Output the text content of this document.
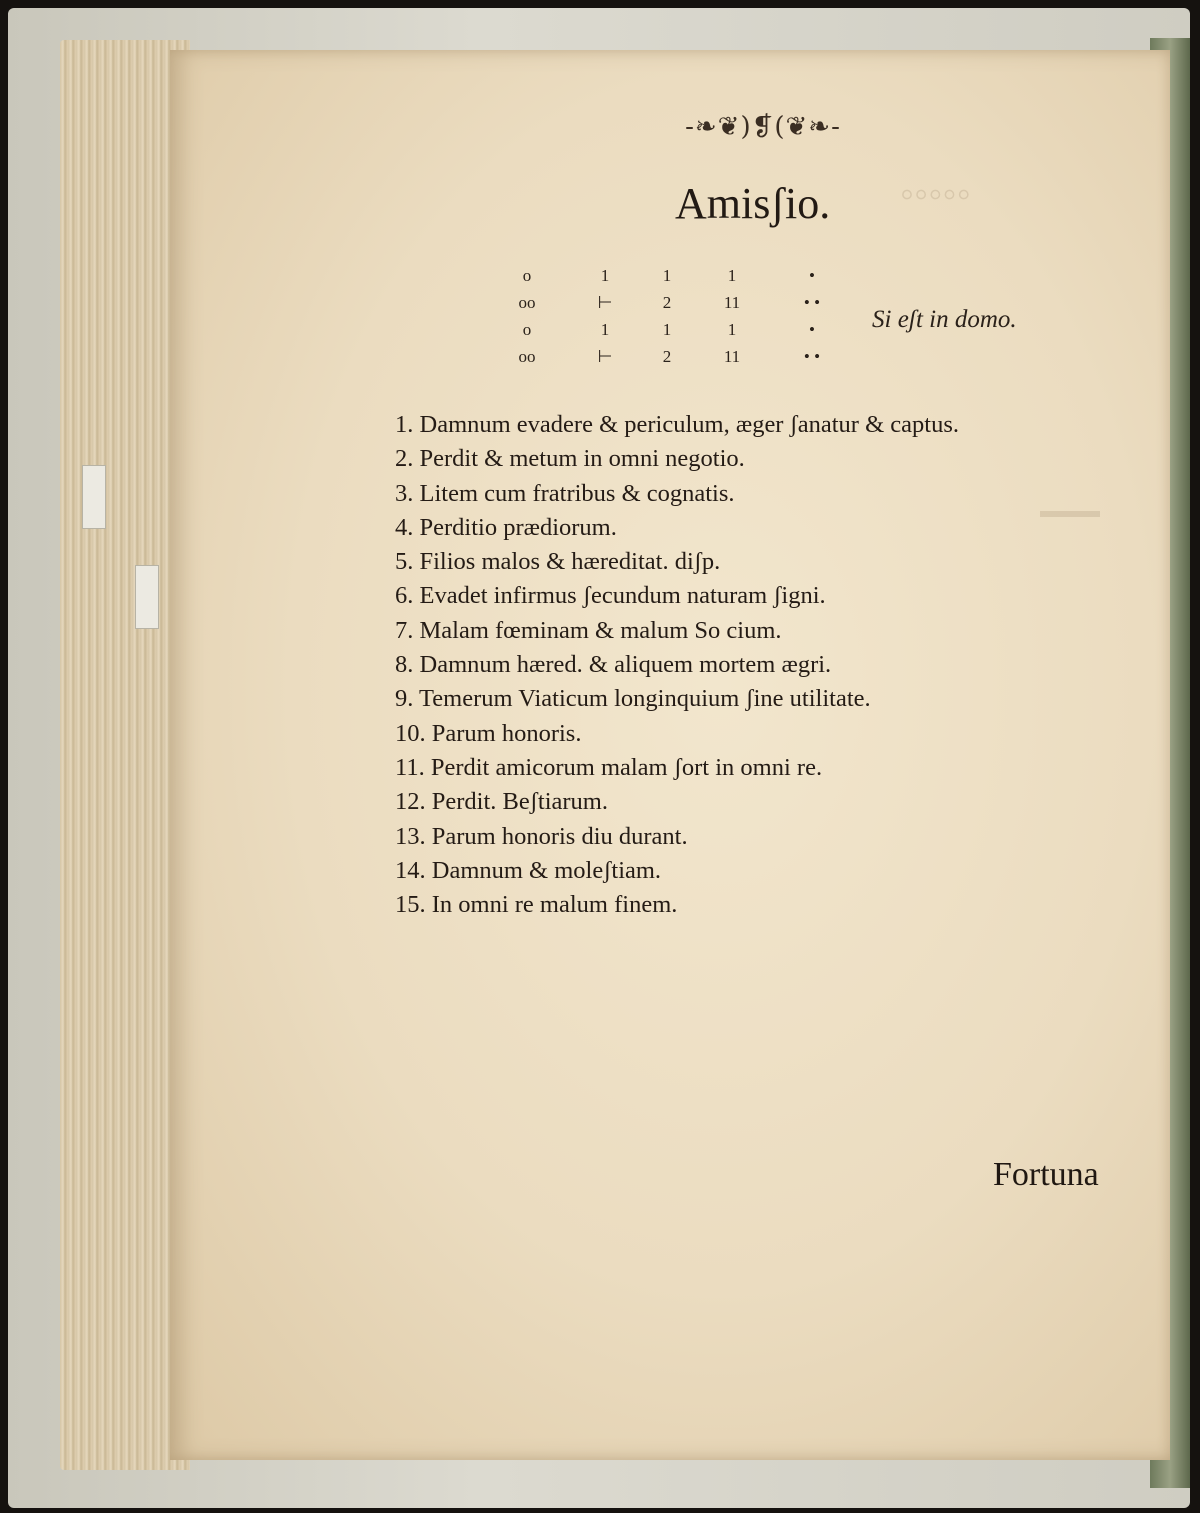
◦◦◦◦◦
▬▬▬
-❧❦)❡(❦❧-
Amisʃio.
o
oo
o
oo
1
⊢
1
⊢
1
2
1
2
1
11
1
11
•
• •
•
• •
Si eʃt in domo.
1. Damnum evadere & periculum, æger ʃanatur & captus.
2. Perdit & metum in omni negotio.
3. Litem cum fratribus & cognatis.
4. Perditio prædiorum.
5. Filios malos & hæreditat. diʃp.
6. Evadet infirmus ʃecundum naturam ʃigni.
7. Malam fœminam & malum So cium.
8. Damnum hæred. & aliquem mortem ægri.
9. Temerum Viaticum longinquium ʃine utilitate.
10. Parum honoris.
11. Perdit amicorum malam ʃort in omni re.
12. Perdit. Beʃtiarum.
13. Parum honoris diu durant.
14. Damnum & moleʃtiam.
15. In omni re malum finem.
Fortuna
